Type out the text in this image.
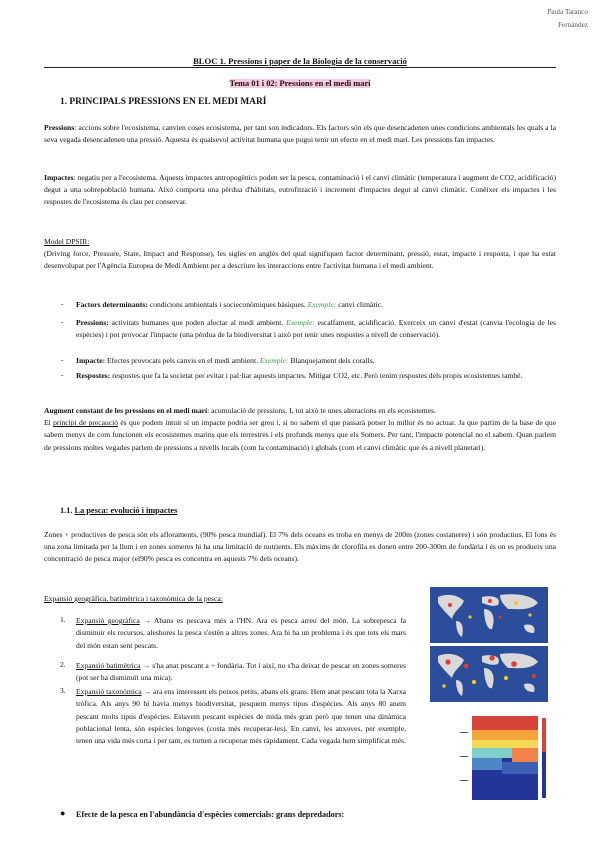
Paula Taranco
Fernández
BLOC 1. Pressions i paper de la Biologia de la conservació
Tema 01 i 02: Pressions en el medi marí
1. PRINCIPALS PRESSIONS EN EL MEDI MARÍ
Pressions: accions sobre l'ecosistema, canvien coses ecosistema, per tant son indicadors. Els factors són els que desencadenen unes condicions ambientals les quals a la seva vegada desencadenen una pressió. Aquesta és qualsevol activitat humana que pugui tenir un efecte en el medi marí. Les pressions fan impactes.
Impactes: negatiu per a l'ecosistema. Aquests impactes antropogènics poden ser la pesca, contaminació i el canvi climàtic (temperatura i augment de CO2, acidificació) degut a una sobrepoblació humana. Això comporta una pèrdua d'hàbitats, eutrofització i increment d'impactes degut al canvi climàtic. Conèixer els impactes i les respostes de l'ecosistema és clau per conservar.
Model DPSIR:
(Driving force, Pressure, State, Impact and Response), les sigles en anglès del qual signifiquen factor determinant, pressió, estat, impacte i resposta, i que ha estat desenvolupat per l'Agència Europea de Medi Ambient per a descriure les interaccions entre l'activitat humana i el medi ambient.
- Factors determinants: condicions ambientals i socieconòmiques bàsiques. Exemple: canvi climàtic.
- Pressions: activitats humanes que poden afectar al medi ambient. Exemple: escalfament, acidificació. Exerceix un canvi d'estat (canvia l'ecologia de les espècies) i pot provocar l'impacte (una pèrdua de la biodiversitat i això pot tenir unes respostes a nivell de conservació).
- Impacte: Efectes provocats pels canvis en el medi ambient. Exemple: Blanquejament dels coralls.
- Respostes: respostes que fa la societat per evitar i pal·liar aquests impactes. Mitigar CO2, etc. Però tenim respostes dels propis ecosistemes també.
Augment constant de les pressions en el medi marí: acumulació de pressions. I, tot això te unes alteracions en els ecosistemes.
El principi de precaució és que podem intuir si un impacte podria ser greu i, si no sabem el que passarà potser lo millor és no actuar. Ja que partim de la base de que sabem menys de com funcionen els ecosistemes marins que els terrestres i els profunds menys que els Somers. Per tant, l'impacte potencial no el sabem. Quan parlem de pressions moltes vegades parlem de pressions a nivells locals (com la contaminació) i globals (com el canvi climàtic que és a nivell planetari).
1.1. La pesca: evolució i impactes
Zones + productives de pesca són els aflorаments, (90% pesca mundial). El 7% dels oceans es troba en menys de 200m (zones costaneres) i són productius. El fons és una zona limitada per la llum i en zones someres hi ha una limitació de nutrients. Els màxims de clorofila es donen entre 200-300m de fondària i és on es produeix una concentració de pesca major (el90% pesca es concentra en aquests 7% dels oceans).
Expansió geogràfica, batimètrica i taxonòmica de la pesca:
1. Expansió geogràfica → Abans es pescava més a l'HN. Ara es pesca arreu del món. La sobrepesca fa disminuir els recursos, aleshores la pesca s'estén a altres zones. Ara hi ha un problema i és que tots els mars del món estan sent pescats.
2. Expansió batimètrica → s'ha anat pescant a + fondària. Tot i així, no s'ha deixat de pescar en zones someres (pot ser ha disminuït una mica).
3. Expansió taxonòmica → ara ens interessen els peixos petits, abans els grans. Hem anat pescant tota la Xarxa tròfica. Als anys 90 hi havia menys biodiversitat, pesquem menys tipus d'espècies. Als anys 80 anem pescant molts tipus d'espècies. Estavem pescant espècies de mida més gran però que tenen una dinàmica poblacional lenta, són espècies longeves (costa més recuperar-les). En canvi, les anxoves, per exemple, tenen una vida més curta i per tant, es tornen a recuperar més ràpidament. Cada vegada hem simplificat més.
● Efecte de la pesca en l'abundància d'espècies comercials: grans depredadors:
